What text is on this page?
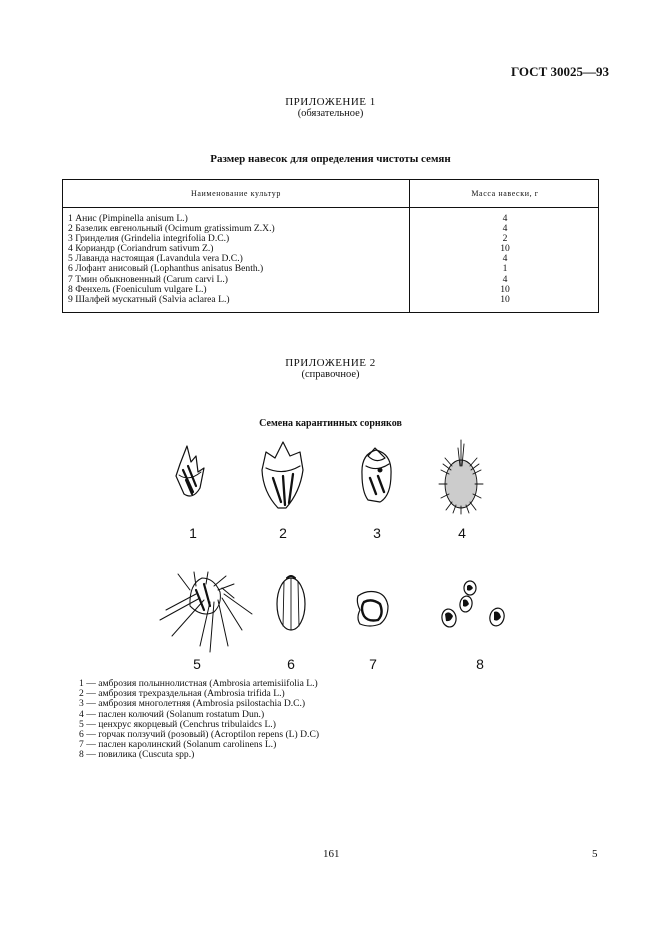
ГОСТ 30025—93
ПРИЛОЖЕНИЕ 1
(обязательное)
Размер навесок для определения чистоты семян
Наименование культур	Масса навески, г
1 Анис (Pimpinella anisum L.)	4
2 Базелик евгенольный (Ocimum gratissimum Z.X.)	4
3 Гринделия (Grindelia integrifolia D.C.)	2
4 Кориандр (Coriandrum sativum Z.)	10
5 Лаванда настоящая (Lavandula vera D.C.)	4
6 Лофант анисовый (Lophanthus anisatus Benth.)	1
7 Тмин обыкновенный (Carum carvi L.)	4
8 Фенхель (Foeniculum vulgare L.)	10
9 Шалфей мускатный (Salvia aclarea L.)	10
ПРИЛОЖЕНИЕ 2
(справочное)
Семена карантинных сорняков
1	2	3	4
5	6	7	8
1 — амброзия полыннолистная (Ambrosia artemisiifolia L.)
2 — амброзия трехраздельная (Ambrosia trifida L.)
3 — амброзия многолетняя (Ambrosia psilostachia D.C.)
4 — паслен колючий (Solanum rostatum Dun.)
5 — ценхрус якорцевый (Cenchrus tribulaidcs L.)
6 — горчак ползучий (розовый) (Acroptilon repens (L) D.C)
7 — паслен каролинский (Solanum carolinens L.)
8 — повилика (Cuscuta spp.)
161	5
